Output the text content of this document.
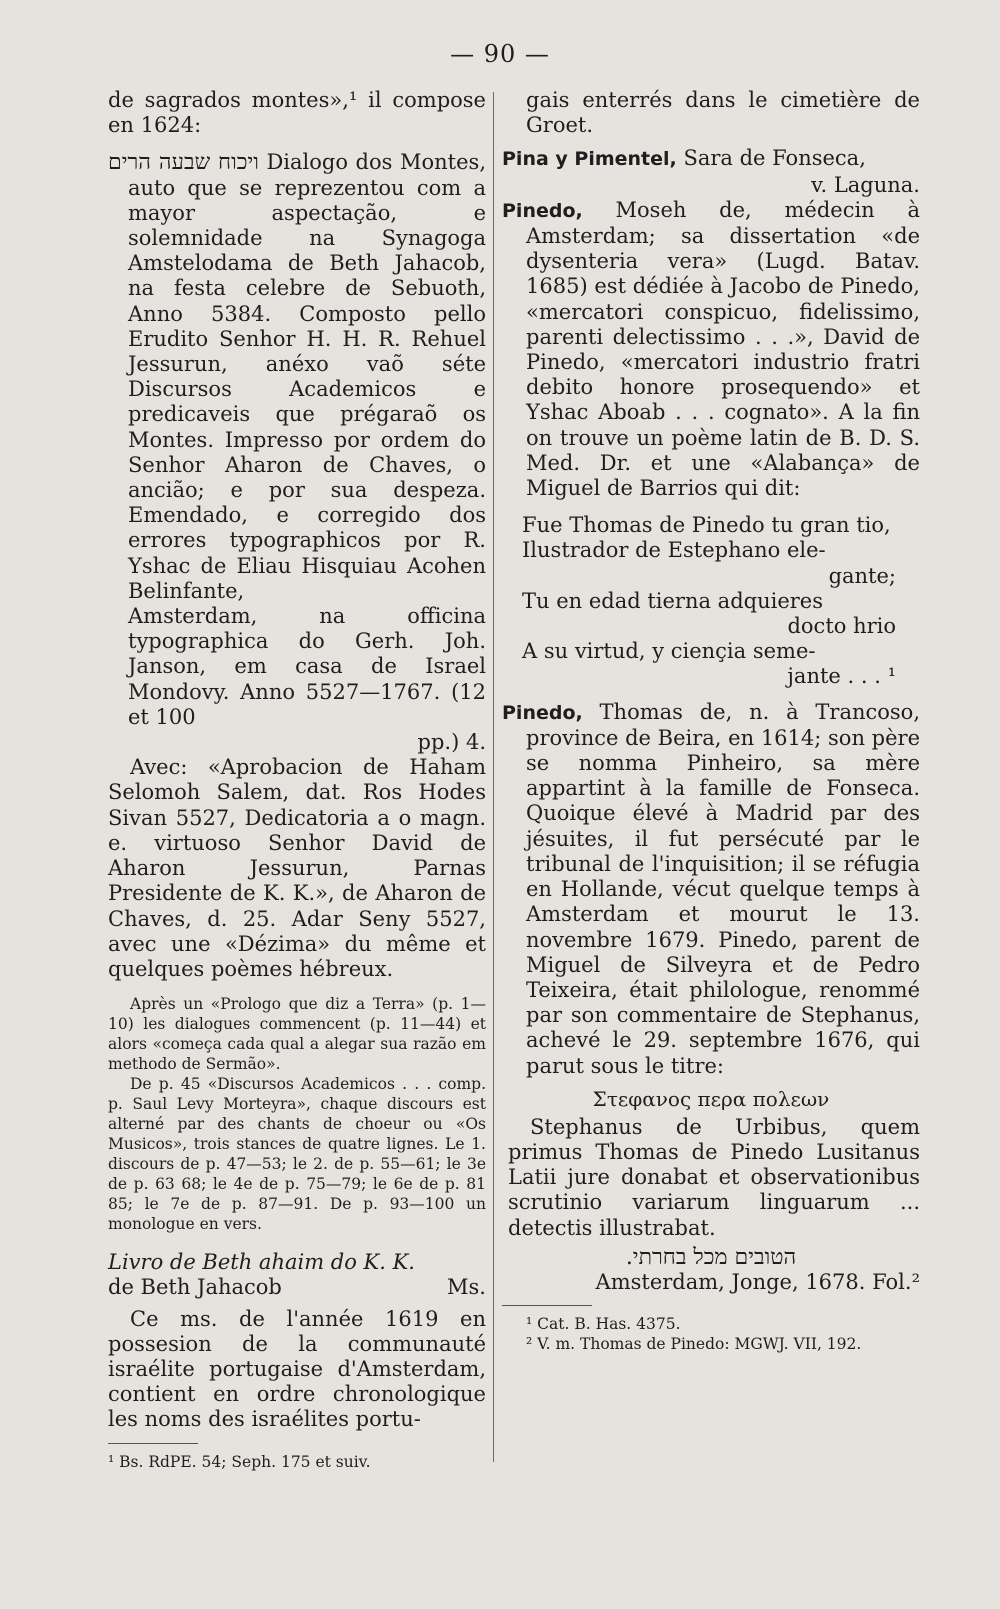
— 90 —

de sagrados montes»,¹ il compose en 1624:

ויכוח שבעה הרים Dialogo dos Montes, auto que se reprezentou com a mayor aspectação, e solemnidade na Synagoga Amstelodama de Beth Jahacob, na festa celebre de Sebuoth, Anno 5384. Composto pello Erudito Senhor H. H. R. Rehuel Jessurun, anéxo vaõ séte Discursos Academicos e predicaveis que prégaraõ os Montes. Impresso por ordem do Senhor Aharon de Chaves, o ancião; e por sua despeza. Emendado, e corregido dos errores typographicos por R. Yshac de Eliau Hisquiau Acohen Belinfante,

Amsterdam, na officina typographica do Gerh. Joh. Janson, em casa de Israel Mondovy. Anno 5527—1767. (12 et 100

pp.) 4.

Avec: «Aprobacion de Haham Selomoh Salem, dat. Ros Hodes Sivan 5527, Dedicatoria a o magn. e. virtuoso Senhor David de Aharon Jessurun, Parnas Presidente de K. K.», de Aharon de Chaves, d. 25. Adar Seny 5527, avec une «Dézima» du même et quelques poèmes hébreux.

Après un «Prologo que diz a Terra» (p. 1—10) les dialogues commencent (p. 11—44) et alors «começa cada qual a alegar sua razão em methodo de Sermão».

De p. 45 «Discursos Academicos . . . comp. p. Saul Levy Morteyra», chaque discours est alterné par des chants de choeur ou «Os Musicos», trois stances de quatre lignes. Le 1. discours de p. 47—53; le 2. de p. 55—61; le 3e de p. 63 68; le 4e de p. 75—79; le 6e de p. 81 85; le 7e de p. 87—91. De p. 93—100 un monologue en vers.

Livro de Beth ahaim do K. K.

de Beth Jahacob	Ms.

Ce ms. de l'année 1619 en possesion de la communauté israélite portugaise d'Amsterdam, contient en ordre chronologique les noms des israélites portu-

¹ Bs. RdPE. 54; Seph. 175 et suiv.

gais enterrés dans le cimetière de Groet.

Pina y Pimentel, Sara de Fonseca,

v. Laguna.

Pinedo, Moseh de, médecin à Amsterdam; sa dissertation «de dysenteria vera» (Lugd. Batav. 1685) est dédiée à Jacobo de Pinedo, «mercatori conspicuo, fidelissimo, parenti delectissimo . . .», David de Pinedo, «mercatori industrio fratri debito honore prosequendo» et Yshac Aboab . . . cognato». A la fin on trouve un poème latin de B. D. S. Med. Dr. et une «Alabança» de Miguel de Barrios qui dit:

Fue Thomas de Pinedo tu gran tio,
Ilustrador de Estephano ele-
gante;
Tu en edad tierna adquieres
docto hrio
A su virtud, y ciençia seme-
jante . . . ¹

Pinedo, Thomas de, n. à Trancoso, province de Beira, en 1614; son père se nomma Pinheiro, sa mère appartint à la famille de Fonseca. Quoique élevé à Madrid par des jésuites, il fut persécuté par le tribunal de l'inquisition; il se réfugia en Hollande, vécut quelque temps à Amsterdam et mourut le 13. novembre 1679. Pinedo, parent de Miguel de Silveyra et de Pedro Teixeira, était philologue, renommé par son commentaire de Stephanus, achevé le 29. septembre 1676, qui parut sous le titre:

Στεφανος περα πολεων

Stephanus de Urbibus, quem primus Thomas de Pinedo Lusitanus Latii jure donabat et observationibus scrutinio variarum linguarum ... detectis illustrabat.

הטובים מכל בחרתי.

Amsterdam, Jonge, 1678. Fol.²

¹ Cat. B. Has. 4375.

² V. m. Thomas de Pinedo: MGWJ. VII, 192.
